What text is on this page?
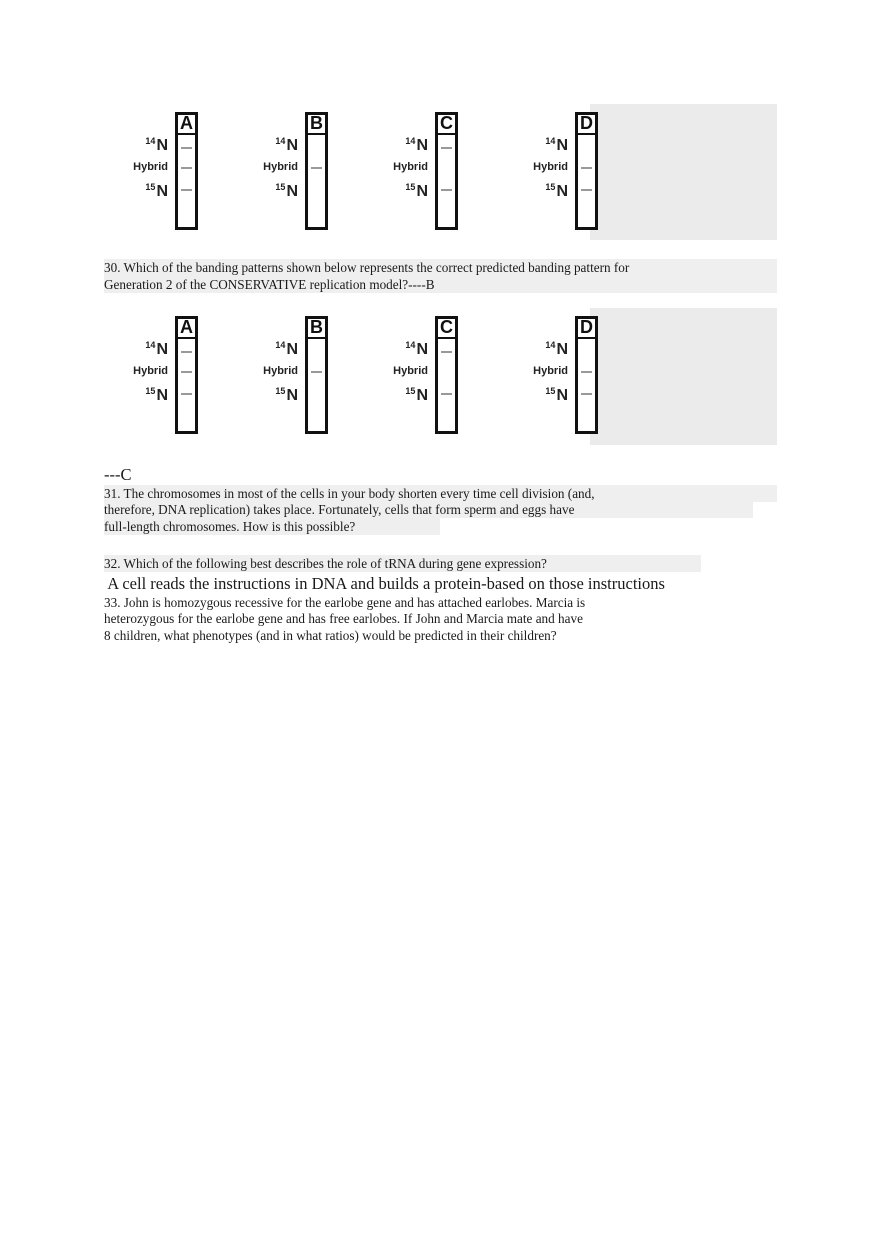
$^{14}$N
Hybrid
$^{15}$N
A
$^{14}$N
Hybrid
$^{15}$N
B
$^{14}$N
Hybrid
$^{15}$N
C
$^{14}$N
Hybrid
$^{15}$N
D
30. Which of the banding patterns shown below represents the correct predicted banding pattern for
Generation 2 of the CONSERVATIVE replication model?----B
$^{14}$N
Hybrid
$^{15}$N
A
$^{14}$N
Hybrid
$^{15}$N
B
$^{14}$N
Hybrid
$^{15}$N
C
$^{14}$N
Hybrid
$^{15}$N
D
---C
31. The chromosomes in most of the cells in your body shorten every time cell division (and,
therefore, DNA replication) takes place. Fortunately, cells that form sperm and eggs have
full-length chromosomes. How is this possible?
32. Which of the following best describes the role of tRNA during gene expression?
A cell reads the instructions in DNA and builds a protein-based on those instructions
33. John is homozygous recessive for the earlobe gene and has attached earlobes. Marcia is
heterozygous for the earlobe gene and has free earlobes. If John and Marcia mate and have
8 children, what phenotypes (and in what ratios) would be predicted in their children?
